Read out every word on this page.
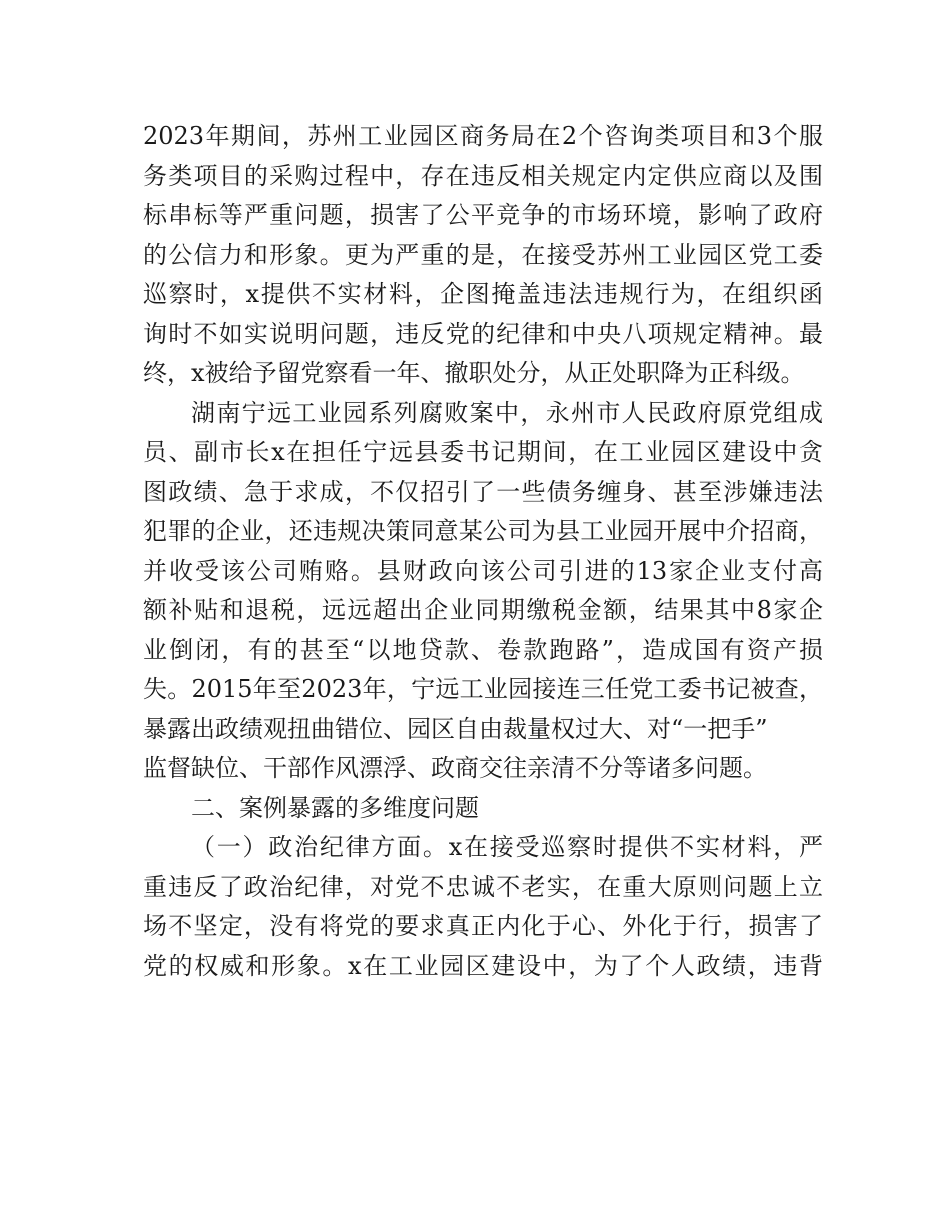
2023年期间，苏州工业园区商务局在2个咨询类项目和3个服
务类项目的采购过程中，存在违反相关规定内定供应商以及围
标串标等严重问题，损害了公平竞争的市场环境，影响了政府
的公信力和形象。更为严重的是，在接受苏州工业园区党工委
巡察时，x提供不实材料，企图掩盖违法违规行为，在组织函
询时不如实说明问题，违反党的纪律和中央八项规定精神。最
终，x被给予留党察看一年、撤职处分，从正处职降为正科级。
湖南宁远工业园系列腐败案中，永州市人民政府原党组成
员、副市长x在担任宁远县委书记期间，在工业园区建设中贪
图政绩、急于求成，不仅招引了一些债务缠身、甚至涉嫌违法
犯罪的企业，还违规决策同意某公司为县工业园开展中介招商，
并收受该公司贿赂。县财政向该公司引进的13家企业支付高
额补贴和退税，远远超出企业同期缴税金额，结果其中8家企
业倒闭，有的甚至“以地贷款、卷款跑路”，造成国有资产损
失。2015年至2023年，宁远工业园接连三任党工委书记被查，
暴露出政绩观扭曲错位、园区自由裁量权过大、对“一把手”
监督缺位、干部作风漂浮、政商交往亲清不分等诸多问题。
二、案例暴露的多维度问题
（一）政治纪律方面。x在接受巡察时提供不实材料，严
重违反了政治纪律，对党不忠诚不老实，在重大原则问题上立
场不坚定，没有将党的要求真正内化于心、外化于行，损害了
党的权威和形象。x在工业园区建设中，为了个人政绩，违背
